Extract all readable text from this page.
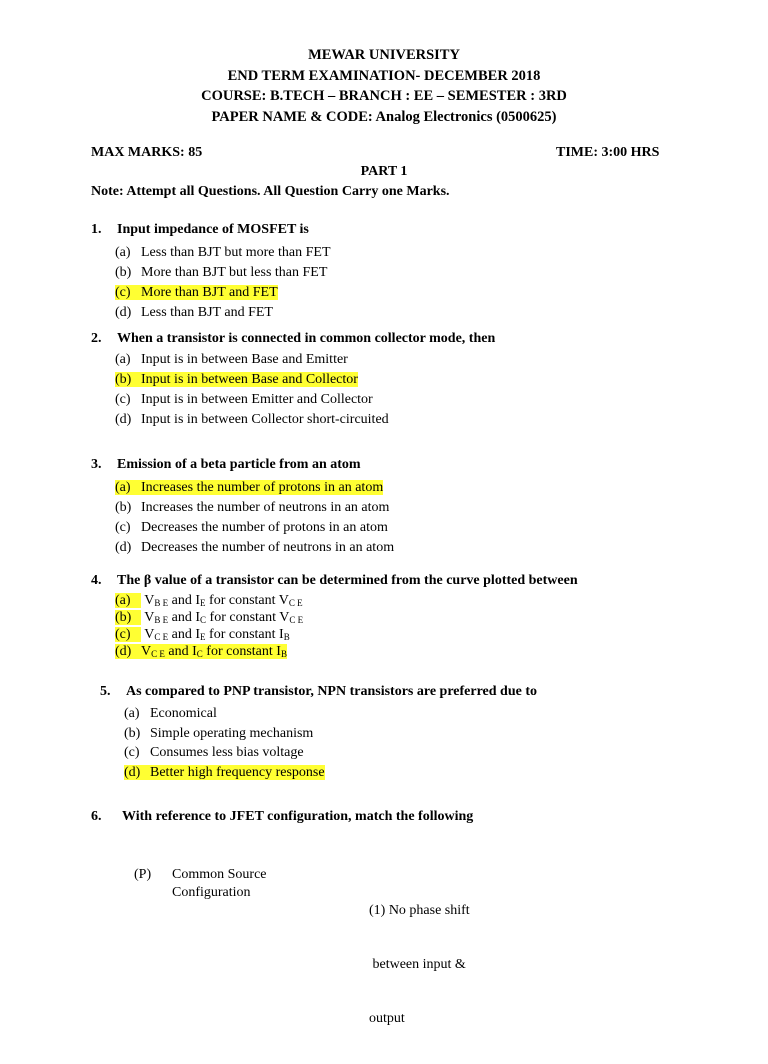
MEWAR UNIVERSITY
END TERM EXAMINATION- DECEMBER 2018
COURSE: B.TECH – BRANCH : EE – SEMESTER : 3RD
PAPER NAME & CODE: Analog Electronics (0500625)
MAX MARKS: 85	TIME: 3:00 HRS
PART 1
Note: Attempt all Questions. All Question Carry one Marks.
1. Input impedance of MOSFET is
(a) Less than BJT but more than FET
(b) More than BJT but less than FET
(c) More than BJT and FET
(d) Less than BJT and FET
2. When a transistor is connected in common collector mode, then
(a) Input is in between Base and Emitter
(b) Input is in between Base and Collector
(c) Input is in between Emitter and Collector
(d) Input is in between Collector short-circuited
3. Emission of a beta particle from an atom
(a) Increases the number of protons in an atom
(b) Increases the number of neutrons in an atom
(c) Decreases the number of protons in an atom
(d) Decreases the number of neutrons in an atom
4. The β value of a transistor can be determined from the curve plotted between
(a) $V_{B E}$ and $I_E$ for constant $V_{C E}$
(b) $V_{B E}$ and $I_C$ for constant $V_{C E}$
(c) $V_{C E}$ and $I_E$ for constant $I_B$
(d) $V_{C E}$ and $I_C$ for constant $I_B$
5. As compared to PNP transistor, NPN transistors are preferred due to
(a) Economical
(b) Simple operating mechanism
(c) Consumes less bias voltage
(d) Better high frequency response
6. With reference to JFET configuration, match the following
(P) Common Source
Configuration

(1) No phase shift

between input &

output
